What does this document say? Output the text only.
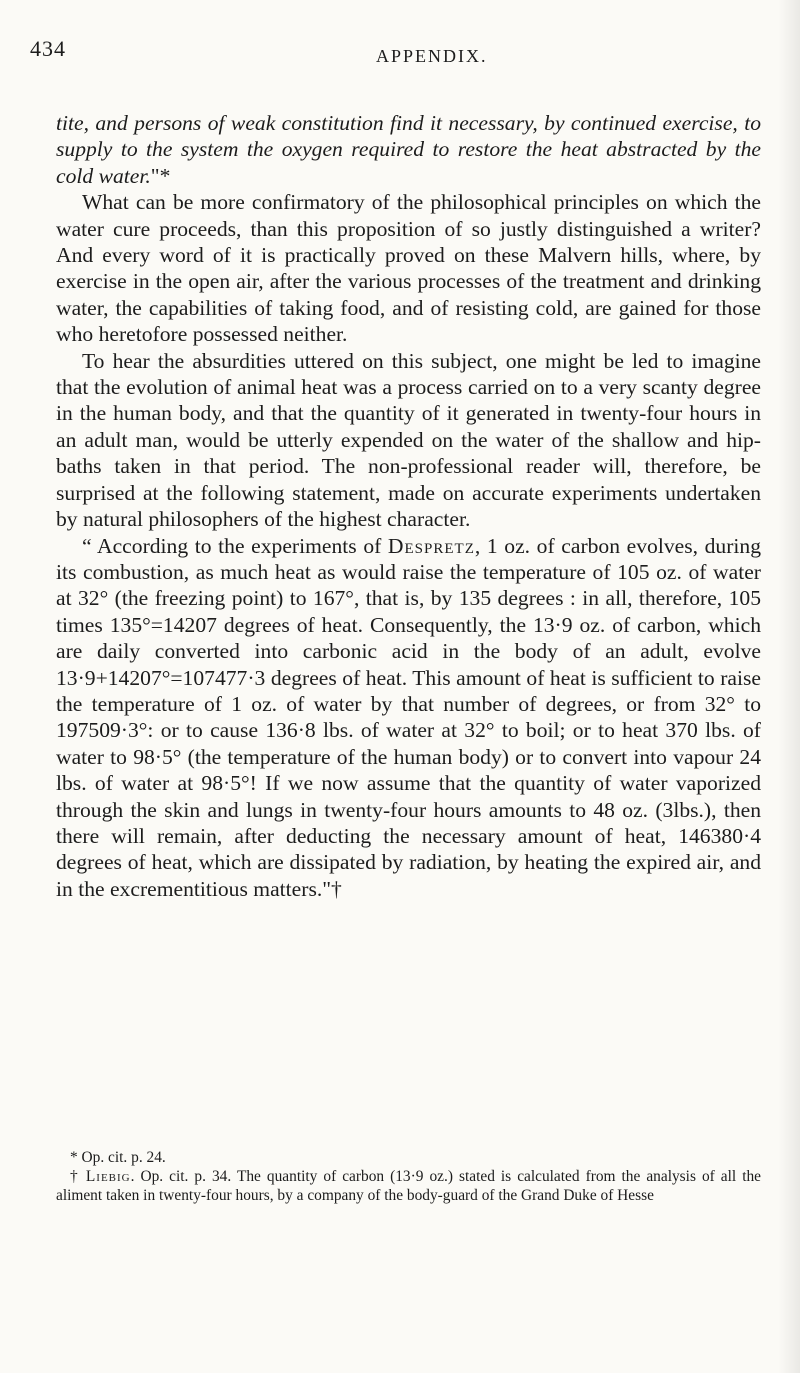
434	APPENDIX.

tite, and persons of weak constitution find it necessary, by continued exercise, to supply to the system the oxygen required to restore the heat abstracted by the cold water."*

What can be more confirmatory of the philosophical principles on which the water cure proceeds, than this proposition of so justly distinguished a writer? And every word of it is practically proved on these Malvern hills, where, by exercise in the open air, after the various processes of the treatment and drinking water, the capabilities of taking food, and of resisting cold, are gained for those who heretofore possessed neither.

To hear the absurdities uttered on this subject, one might be led to imagine that the evolution of animal heat was a process carried on to a very scanty degree in the human body, and that the quantity of it generated in twenty-four hours in an adult man, would be utterly expended on the water of the shallow and hip-baths taken in that period. The non-professional reader will, therefore, be surprised at the following statement, made on accurate experiments undertaken by natural philosophers of the highest character.

“ According to the experiments of Despretz, 1 oz. of carbon evolves, during its combustion, as much heat as would raise the temperature of 105 oz. of water at 32° (the freezing point) to 167°, that is, by 135 degrees : in all, therefore, 105 times 135°=14207 degrees of heat. Consequently, the 13·9 oz. of carbon, which are daily converted into carbonic acid in the body of an adult, evolve 13·9+14207°=107477·3 degrees of heat. This amount of heat is sufficient to raise the temperature of 1 oz. of water by that number of degrees, or from 32° to 197509·3°: or to cause 136·8 lbs. of water at 32° to boil; or to heat 370 lbs. of water to 98·5° (the temperature of the human body) or to convert into vapour 24 lbs. of water at 98·5°! If we now assume that the quantity of water vaporized through the skin and lungs in twenty-four hours amounts to 48 oz. (3lbs.), then there will remain, after deducting the necessary amount of heat, 146380·4 degrees of heat, which are dissipated by radiation, by heating the expired air, and in the excrementitious matters."†

* Op. cit. p. 24.

† Liebig. Op. cit. p. 34. The quantity of carbon (13·9 oz.) stated is calculated from the analysis of all the aliment taken in twenty-four hours, by a company of the body-guard of the Grand Duke of Hesse
